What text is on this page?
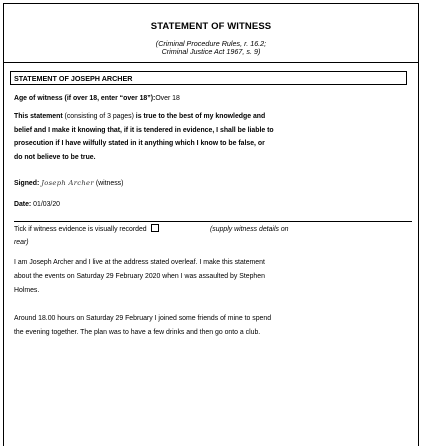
STATEMENT OF WITNESS
(Criminal Procedure Rules, r. 16.2;
Criminal Justice Act 1967, s. 9)
STATEMENT OF JOSEPH ARCHER
Age of witness (if over 18, enter “over 18”):Over 18
This statement (consisting of 3 pages) is true to the best of my knowledge and
belief and I make it knowing that, if it is tendered in evidence, I shall be liable to
prosecution if I have wilfully stated in it anything which I know to be false, or
do not believe to be true.
Signed: Joseph Archer (witness)
Date: 01/03/20
Tick if witness evidence is visually recorded	(supply witness details on
rear)
I am Joseph Archer and I live at the address stated overleaf. I make this statement
about the events on Saturday 29 February 2020 when I was assaulted by Stephen
Holmes.
Around 18.00 hours on Saturday 29 February I joined some friends of mine to spend
the evening together. The plan was to have a few drinks and then go onto a club.
